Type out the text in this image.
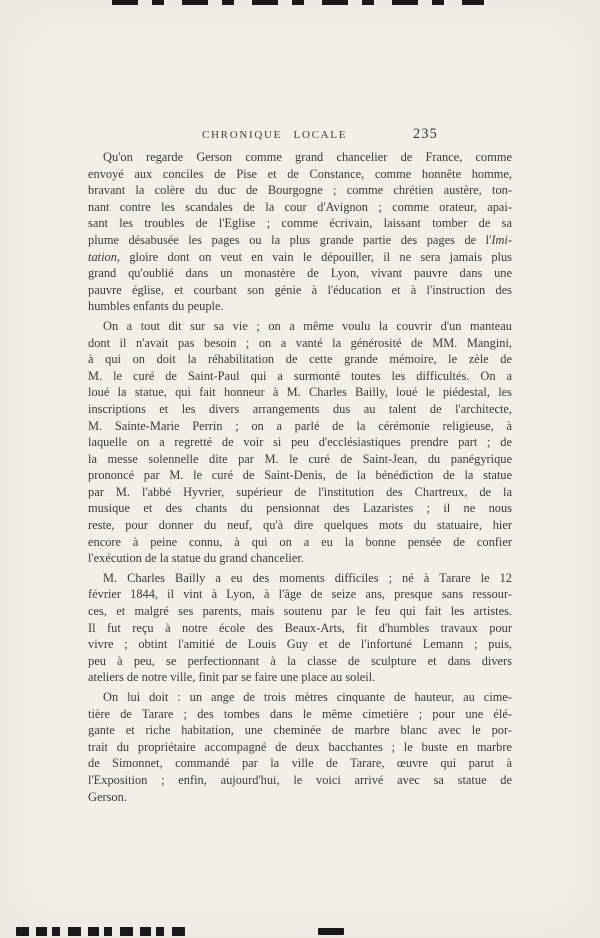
CHRONIQUE LOCALE	235

Qu'on regarde Gerson comme grand chancelier de France, comme
envoyé aux conciles de Pise et de Constance, comme honnête homme,
bravant la colère du duc de Bourgogne ; comme chrétien austère, ton-
nant contre les scandales de la cour d'Avignon ; comme orateur, apai-
sant les troubles de l'Eglise ; comme écrivain, laissant tomber de sa
plume désabusée les pages ou la plus grande partie des pages de l'Imi-
tation, gloire dont on veut en vain le dépouiller, il ne sera jamais plus
grand qu'oublié dans un monastère de Lyon, vivant pauvre dans une
pauvre église, et courbant son génie à l'éducation et à l'instruction des
humbles enfants du peuple.

On a tout dit sur sa vie ; on a même voulu la couvrir d'un manteau
dont il n'avait pas besoin ; on a vanté la générosité de MM. Mangini,
à qui on doit la réhabilitation de cette grande mémoire, le zèle de
M. le curé de Saint-Paul qui a surmonté toutes les difficultés. On a
loué la statue, qui fait honneur à M. Charles Bailly, loué le piédestal, les
inscriptions et les divers arrangements dus au talent de l'architecte,
M. Sainte-Marie Perrin ; on a parlé de la cérémonie religieuse, à
laquelle on a regretté de voir si peu d'ecclésiastiques prendre part ; de
la messe solennelle dite par M. le curé de Saint-Jean, du panégyrique
prononcé par M. le curé de Saint-Denis, de la bénédiction de la statue
par M. l'abbé Hyvrier, supérieur de l'institution des Chartreux, de la
musique et des chants du pensionnat des Lazaristes ; il ne nous
reste, pour donner du neuf, qu'à dire quelques mots du statuaire, hier
encore à peine connu, à qui on a eu la bonne pensée de confier
l'exécution de la statue du grand chancelier.

M. Charles Bailly a eu des moments difficiles ; né à Tarare le 12
février 1844, il vint à Lyon, à l'âge de seize ans, presque sans ressour-
ces, et malgré ses parents, mais soutenu par le feu qui fait les artistes.
Il fut reçu à notre école des Beaux-Arts, fit d'humbles travaux pour
vivre ; obtint l'amitié de Louis Guy et de l'infortuné Lemann ; puis,
peu à peu, se perfectionnant à la classe de sculpture et dans divers
ateliers de notre ville, finit par se faire une place au soleil.

On lui doit : un ange de trois mètres cinquante de hauteur, au cime-
tière de Tarare ; des tombes dans le même cimetière ; pour une élé-
gante et riche habitation, une cheminée de marbre blanc avec le por-
trait du propriétaire accompagné de deux bacchantes ; le buste en marbre
de Simonnet, commandé par la ville de Tarare, œuvre qui parut à
l'Exposition ; enfin, aujourd'hui, le voici arrivé avec sa statue de
Gerson.
